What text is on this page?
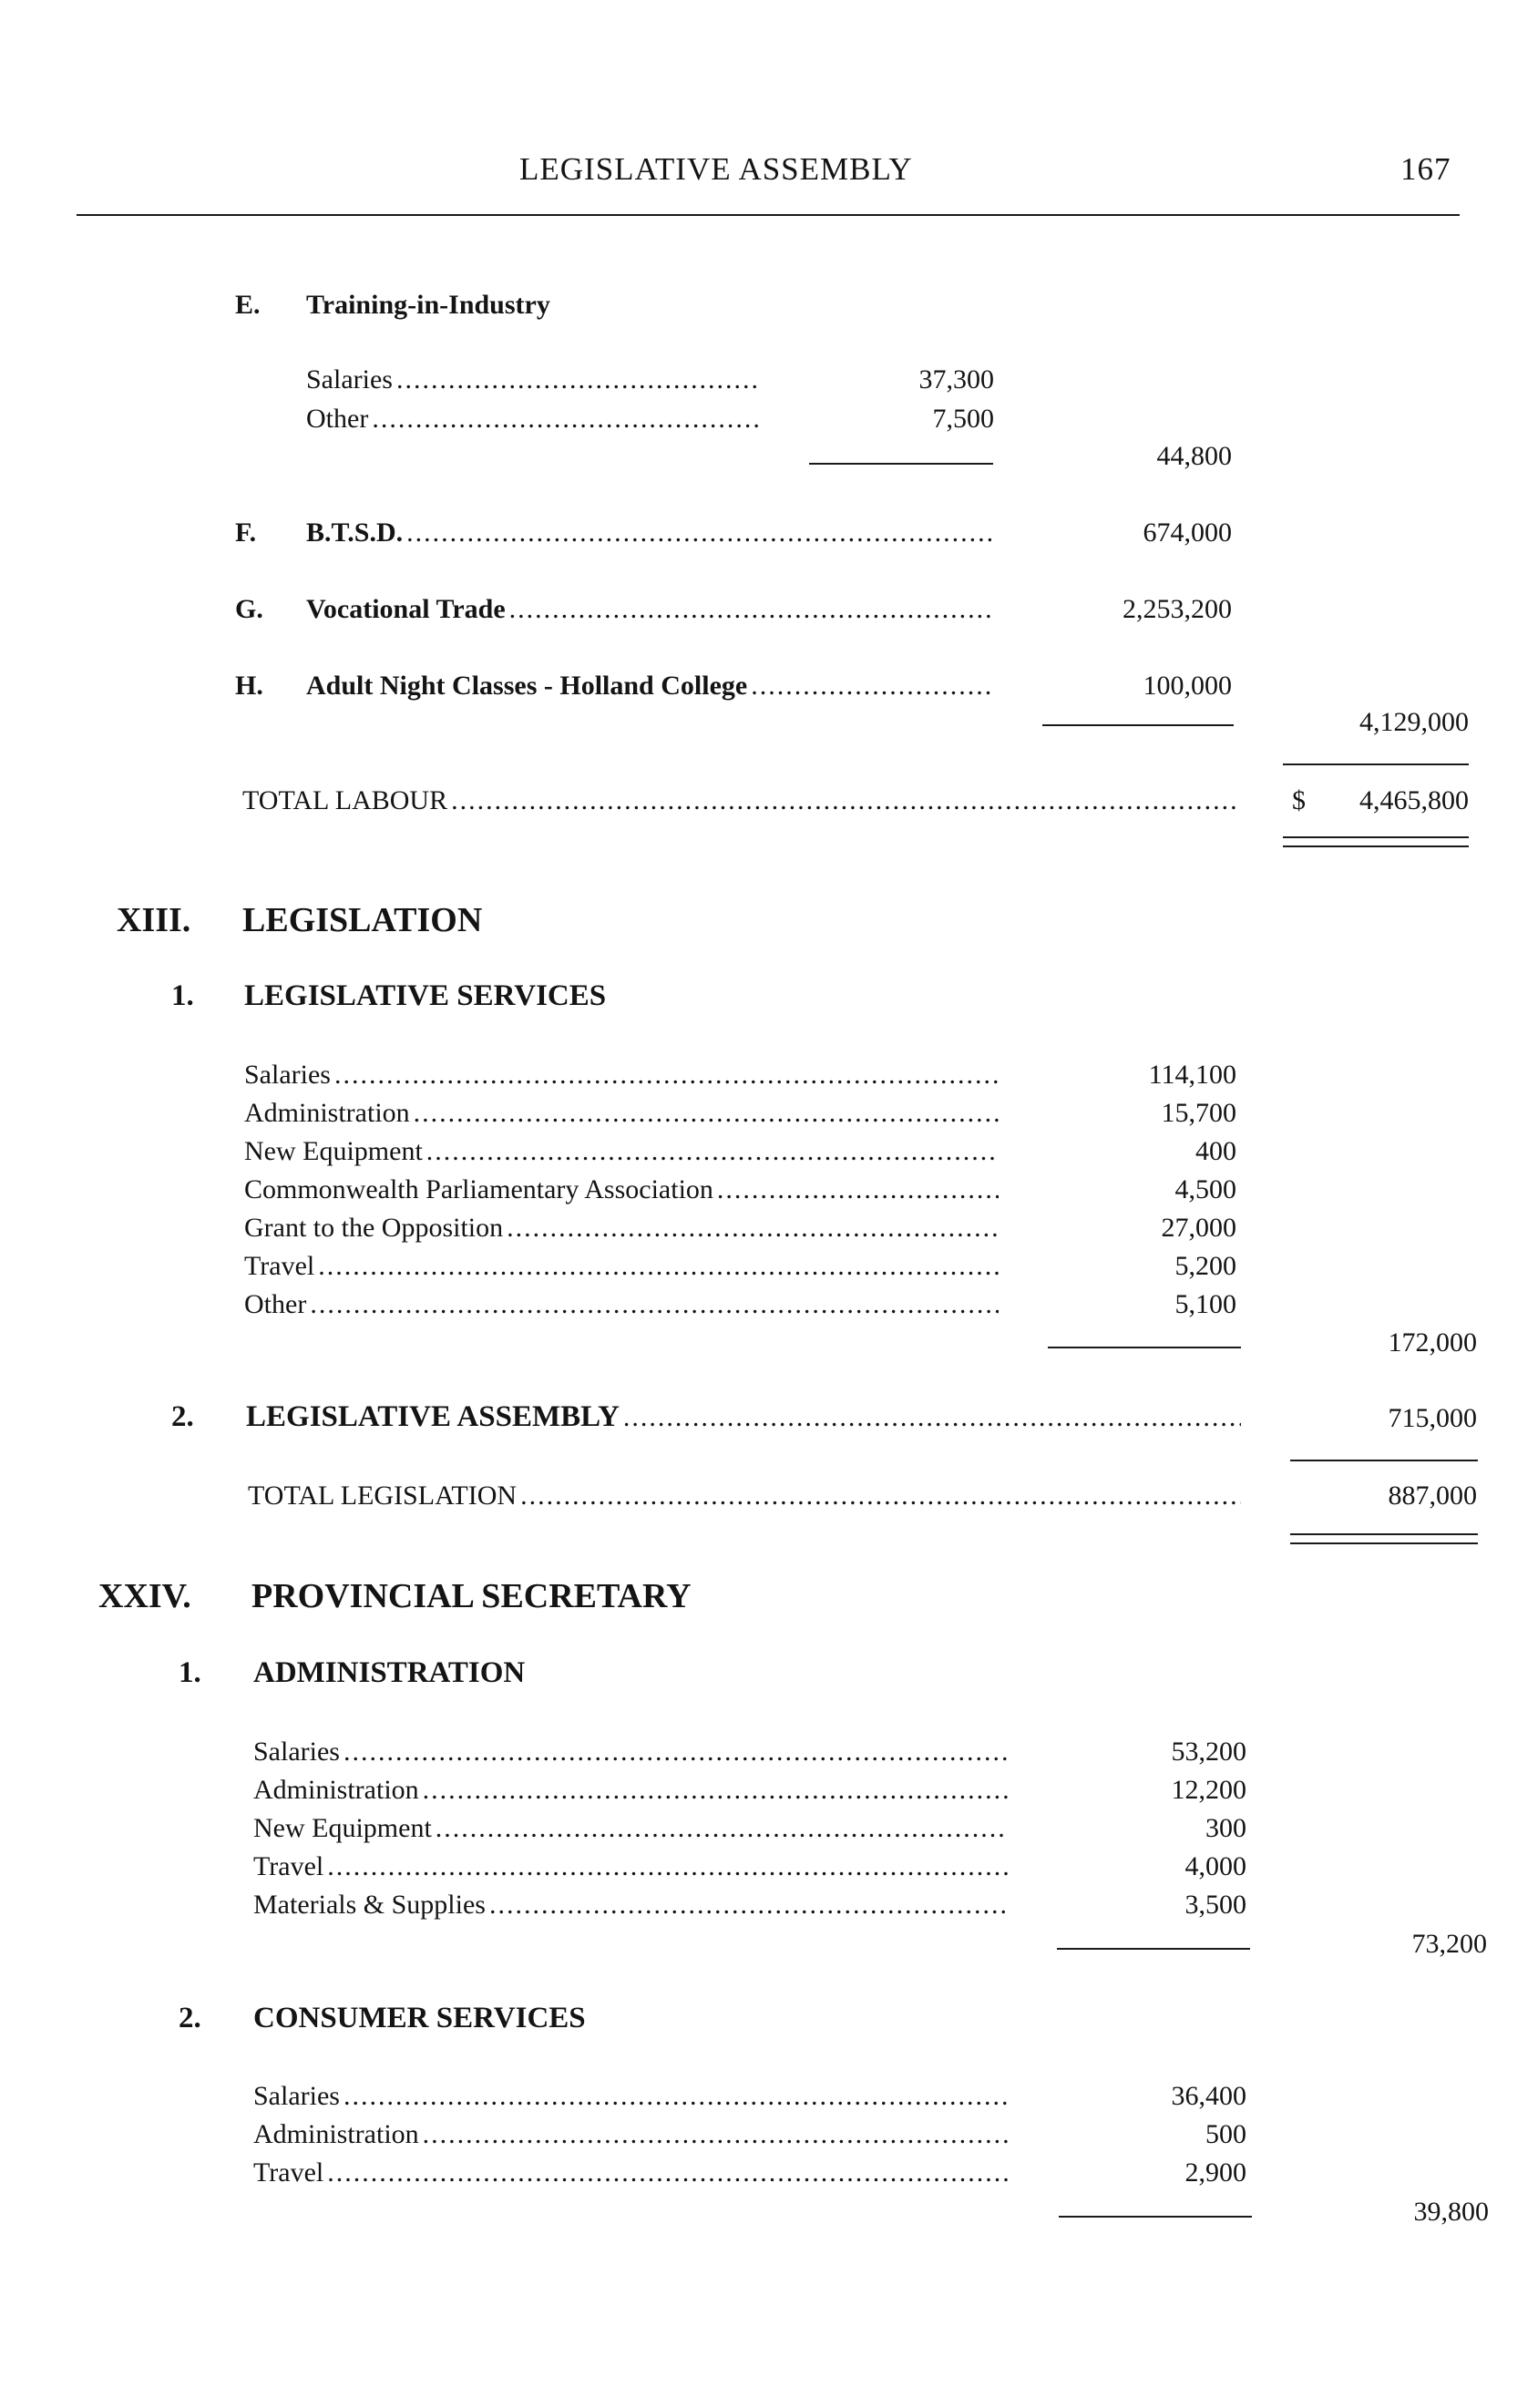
LEGISLATIVE ASSEMBLY	167
E. Training-in-Industry
Salaries .....	37,300
Other .....	7,500
44,800
F. B.T.S.D. .....	674,000
G. Vocational Trade .....	2,253,200
H. Adult Night Classes - Holland College .....	100,000
4,129,000
TOTAL LABOUR .....	$ 4,465,800
XIII. LEGISLATION
1. LEGISLATIVE SERVICES
Salaries .....	114,100
Administration .....	15,700
New Equipment .....	400
Commonwealth Parliamentary Association .....	4,500
Grant to the Opposition .....	27,000
Travel .....	5,200
Other .....	5,100
172,000
2. LEGISLATIVE ASSEMBLY .....	715,000
TOTAL LEGISLATION .....	887,000
XXIV. PROVINCIAL SECRETARY
1. ADMINISTRATION
Salaries .....	53,200
Administration .....	12,200
New Equipment .....	300
Travel .....	4,000
Materials & Supplies .....	3,500
73,200
2. CONSUMER SERVICES
Salaries .....	36,400
Administration .....	500
Travel .....	2,900
39,800
